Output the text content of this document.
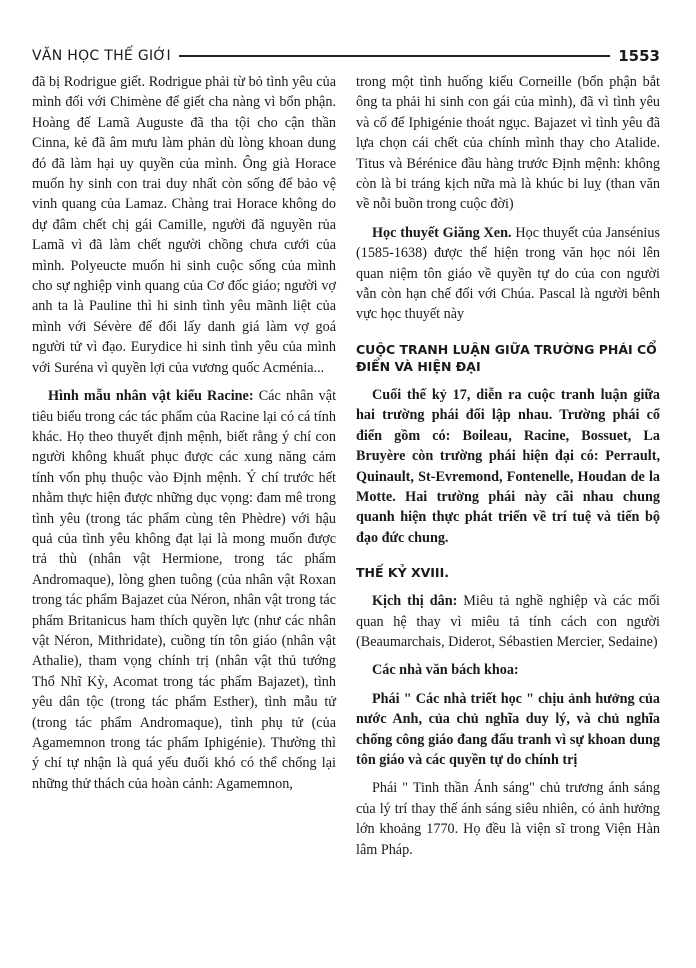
VĂN HỌC THẾ GIỚI	1553

đã bị Rodrigue giết. Rodrigue phải từ bỏ tình yêu của mình đối với Chimène để giết cha nàng vì bổn phận. Hoàng đế Lamã Auguste đã tha tội cho cận thần Cinna, kẻ đã âm mưu làm phản dù lòng khoan dung đó đã làm hại uy quyền của mình. Ông già Horace muốn hy sinh con trai duy nhất còn sống để bảo vệ vinh quang của Lamaz. Chàng trai Horace không do dự đâm chết chị gái Camille, người đã nguyền rủa Lamã vì đã làm chết người chồng chưa cưới của mình. Polyeucte muốn hi sinh cuộc sống của mình cho sự nghiệp vinh quang của Cơ đốc giáo; người vợ anh ta là Pauline thì hi sinh tình yêu mãnh liệt của mình với Sévère để đổi lấy danh giá làm vợ goá người tử vì đạo. Eurydice hi sinh tình yêu của mình với Suréna vì quyền lợi của vương quốc Acménia...

Hình mẫu nhân vật kiểu Racine: Các nhân vật tiêu biểu trong các tác phẩm của Racine lại có cá tính khác. Họ theo thuyết định mệnh, biết rằng ý chí con người không khuất phục được các xung năng cảm tính vốn phụ thuộc vào Định mệnh. Ý chí trước hết nhằm thực hiện được những dục vọng: đam mê trong tình yêu (trong tác phẩm cùng tên Phèdre) với hậu quả của tình yêu không đạt lại là mong muốn được trả thù (nhân vật Hermione, trong tác phẩm Andromaque), lòng ghen tuông (của nhân vật Roxan trong tác phẩm Bajazet của Néron, nhân vật trong tác phẩm Britanicus ham thích quyền lực (như các nhân vật Néron, Mithridate), cuồng tín tôn giáo (nhân vật Athalie), tham vọng chính trị (nhân vật thủ tướng Thổ Nhĩ Kỳ, Acomat trong tác phẩm Bajazet), tình yêu dân tộc (trong tác phẩm Esther), tình mẫu tử (trong tác phẩm Andromaque), tình phụ tử (của Agamemnon trong tác phẩm Iphigénie). Thường thì ý chí tự nhận là quá yếu đuối khó có thể chống lại những thử thách của hoàn cảnh: Agamemnon,

trong một tình huống kiểu Corneille (bổn phận bắt ông ta phải hi sinh con gái của mình), đã vì tình yêu và cố để Iphigénie thoát ngục. Bajazet vì tình yêu đã lựa chọn cái chết của chính mình thay cho Atalide. Titus và Bérénice đầu hàng trước Định mệnh: không còn là bi tráng kịch nữa mà là khúc bi luỵ (than văn về nỗi buồn trong cuộc đời)

Học thuyết Giăng Xen. Học thuyết của Jansénius (1585-1638) được thể hiện trong văn học nói lên quan niệm tôn giáo về quyền tự do của con người vẫn còn hạn chế đối với Chúa. Pascal là người bênh vực học thuyết này

CUỘC TRANH LUẬN GIỮA TRƯỜNG PHÁI CỔ ĐIỂN VÀ HIỆN ĐẠI

Cuối thế kỷ 17, diễn ra cuộc tranh luận giữa hai trường phái đối lập nhau. Trường phái cổ điển gồm có: Boileau, Racine, Bossuet, La Bruyère còn trường phái hiện đại có: Perrault, Quinault, St-Evremond, Fontenelle, Houdan de la Motte. Hai trường phái này cãi nhau chung quanh hiện thực phát triển về trí tuệ và tiến bộ đạo đức chung.

THẾ KỶ XVIII.

Kịch thị dân: Miêu tả nghề nghiệp và các mối quan hệ thay vì miêu tả tính cách con người (Beaumarchais, Diderot, Sébastien Mercier, Sedaine)

Các nhà văn bách khoa:

Phái " Các nhà triết học " chịu ảnh hưởng của nước Anh, của chủ nghĩa duy lý, và chủ nghĩa chống công giáo đang đấu tranh vì sự khoan dung tôn giáo và các quyền tự do chính trị

Phái " Tinh thần Ánh sáng" chủ trương ánh sáng của lý trí thay thế ánh sáng siêu nhiên, có ảnh hưởng lớn khoảng 1770. Họ đều là viện sĩ trong Viện Hàn lâm Pháp.
